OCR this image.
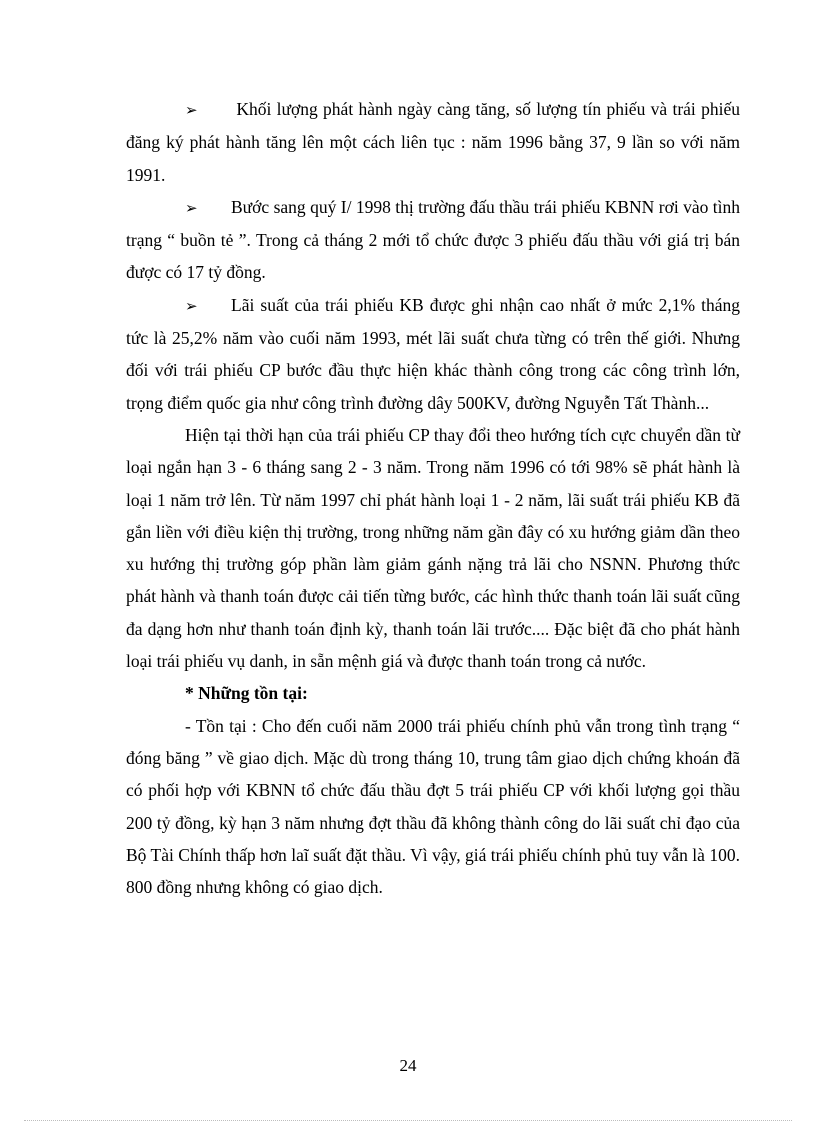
➢ Khối lượng phát hành ngày càng tăng, số lượng tín phiếu và trái phiếu đăng ký phát hành tăng lên một cách liên tục : năm 1996 bằng 37, 9 lần so với năm 1991.

➢ Bước sang quý I/ 1998 thị trường đấu thầu trái phiếu KBNN rơi vào tình trạng “ buồn tẻ ”. Trong cả tháng 2 mới tổ chức được 3 phiếu đấu thầu với giá trị bán được có 17 tỷ đồng.

➢ Lãi suất của trái phiếu KB được ghi nhận cao nhất ở mức 2,1% tháng tức là 25,2% năm vào cuối năm 1993, mét lãi suất chưa từng có trên thế giới. Nhưng đối với trái phiếu CP bước đầu thực hiện khác thành công trong các công trình lớn, trọng điểm quốc gia như công trình đường dây 500KV, đường Nguyễn Tất Thành...

Hiện tại thời hạn của trái phiếu CP thay đổi theo hướng tích cực chuyển dần từ loại ngắn hạn 3 - 6 tháng sang 2 - 3 năm. Trong năm 1996 có tới 98% sẽ phát hành là loại 1 năm trở lên. Từ năm 1997 chỉ phát hành loại 1 - 2 năm, lãi suất trái phiếu KB đã gắn liền với điều kiện thị trường, trong những năm gần đây có xu hướng giảm dần theo xu hướng thị trường góp phần làm giảm gánh nặng trả lãi cho NSNN. Phương thức phát hành và thanh toán được cải tiến từng bước, các hình thức thanh toán lãi suất cũng đa dạng hơn như thanh toán định kỳ, thanh toán lãi trước.... Đặc biệt đã cho phát hành loại trái phiếu vụ danh, in sẵn mệnh giá và được thanh toán trong cả nước.

* Những tồn tại:

- Tồn tại : Cho đến cuối năm 2000 trái phiếu chính phủ vẫn trong tình trạng “ đóng băng ” về giao dịch. Mặc dù trong tháng 10, trung tâm giao dịch chứng khoán đã có phối hợp với KBNN tổ chức đấu thầu đợt 5 trái phiếu CP với khối lượng gọi thầu 200 tỷ đồng, kỳ hạn 3 năm nhưng đợt thầu đã không thành công do lãi suất chỉ đạo của Bộ Tài Chính thấp hơn laĩ suất đặt thầu. Vì vậy, giá trái phiếu chính phủ tuy vẫn là 100. 800 đồng nhưng không có giao dịch.

24
